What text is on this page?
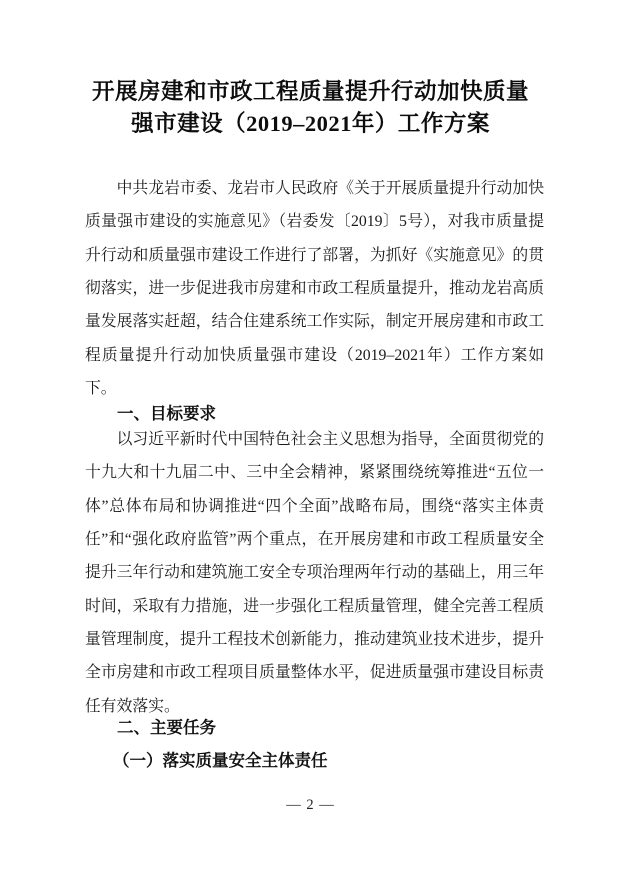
开展房建和市政工程质量提升行动加快质量
强市建设（2019–2021年）工作方案

中共龙岩市委、龙岩市人民政府《关于开展质量提升行动加快质量强市建设的实施意见》（岩委发〔2019〕5号），对我市质量提升行动和质量强市建设工作进行了部署，为抓好《实施意见》的贯彻落实，进一步促进我市房建和市政工程质量提升，推动龙岩高质量发展落实赶超，结合住建系统工作实际，制定开展房建和市政工程质量提升行动加快质量强市建设（2019–2021年）工作方案如下。

一、目标要求

以习近平新时代中国特色社会主义思想为指导，全面贯彻党的十九大和十九届二中、三中全会精神，紧紧围绕统筹推进“五位一体”总体布局和协调推进“四个全面”战略布局，围绕“落实主体责任”和“强化政府监管”两个重点，在开展房建和市政工程质量安全提升三年行动和建筑施工安全专项治理两年行动的基础上，用三年时间，采取有力措施，进一步强化工程质量管理，健全完善工程质量管理制度，提升工程技术创新能力，推动建筑业技术进步，提升全市房建和市政工程项目质量整体水平，促进质量强市建设目标责任有效落实。

二、主要任务
（一）落实质量安全主体责任
— 2 —
